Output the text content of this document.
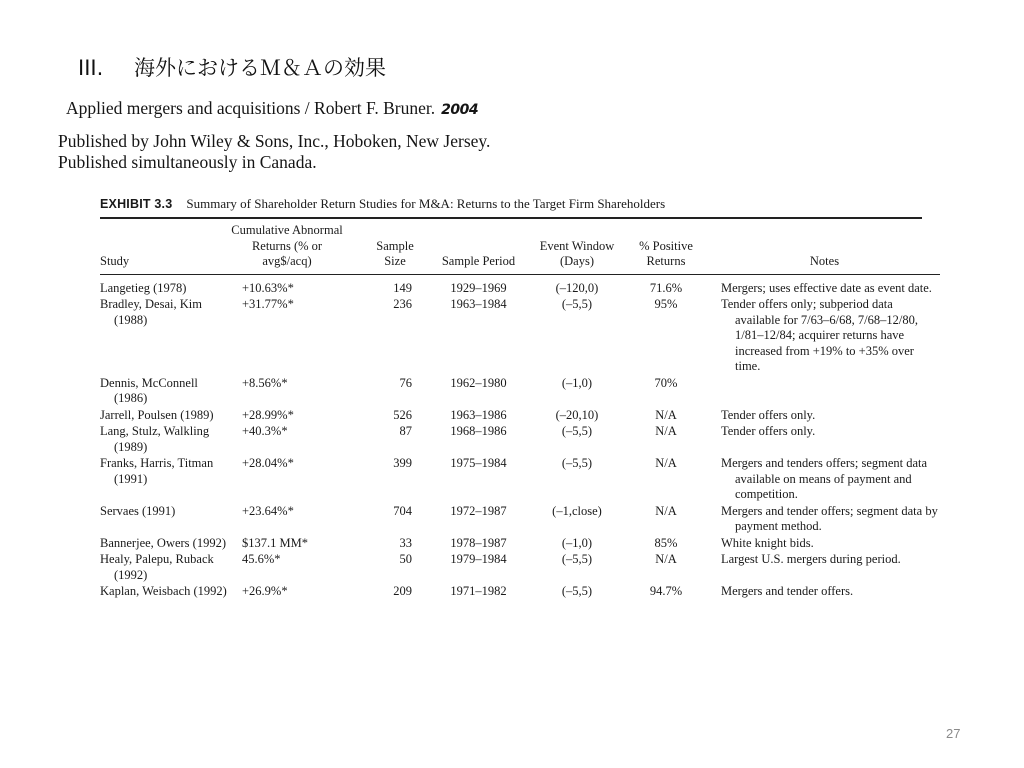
III. 海外におけるＭ＆Ａの効果
Applied mergers and acquisitions / Robert F. Bruner. 2004
Published by John Wiley & Sons, Inc., Hoboken, New Jersey.
Published simultaneously in Canada.
EXHIBIT 3.3 Summary of Shareholder Return Studies for M&A: Returns to the Target Firm Shareholders
Study	Cumulative Abnormal Returns (% or avg$/acq)	Sample Size	Sample Period	Event Window (Days)	% Positive Returns	Notes

Langetieg (1978)	+10.63%*	149	1929–1969	(–120,0)	71.6%	Mergers; uses effective date as event date.

Bradley, Desai, Kim (1988)	+31.77%*	236	1963–1984	(–5,5)	95%	Tender offers only; subperiod data available for 7/63–6/68, 7/68–12/80, 1/81–12/84; acquirer returns have increased from +19% to +35% over time.

Dennis, McConnell (1986)	+8.56%*	76	1962–1980	(–1,0)	70%	

Jarrell, Poulsen (1989)	+28.99%*	526	1963–1986	(–20,10)	N/A	Tender offers only.

Lang, Stulz, Walkling (1989)	+40.3%*	87	1968–1986	(–5,5)	N/A	Tender offers only.

Franks, Harris, Titman (1991)	+28.04%*	399	1975–1984	(–5,5)	N/A	Mergers and tenders offers; segment data available on means of payment and competition.

Servaes (1991)	+23.64%*	704	1972–1987	(–1,close)	N/A	Mergers and tender offers; segment data by payment method.

Bannerjee, Owers (1992)	$137.1 MM*	33	1978–1987	(–1,0)	85%	White knight bids.

Healy, Palepu, Ruback (1992)	45.6%*	50	1979–1984	(–5,5)	N/A	Largest U.S. mergers during period.

Kaplan, Weisbach (1992)	+26.9%*	209	1971–1982	(–5,5)	94.7%	Mergers and tender offers.
27
